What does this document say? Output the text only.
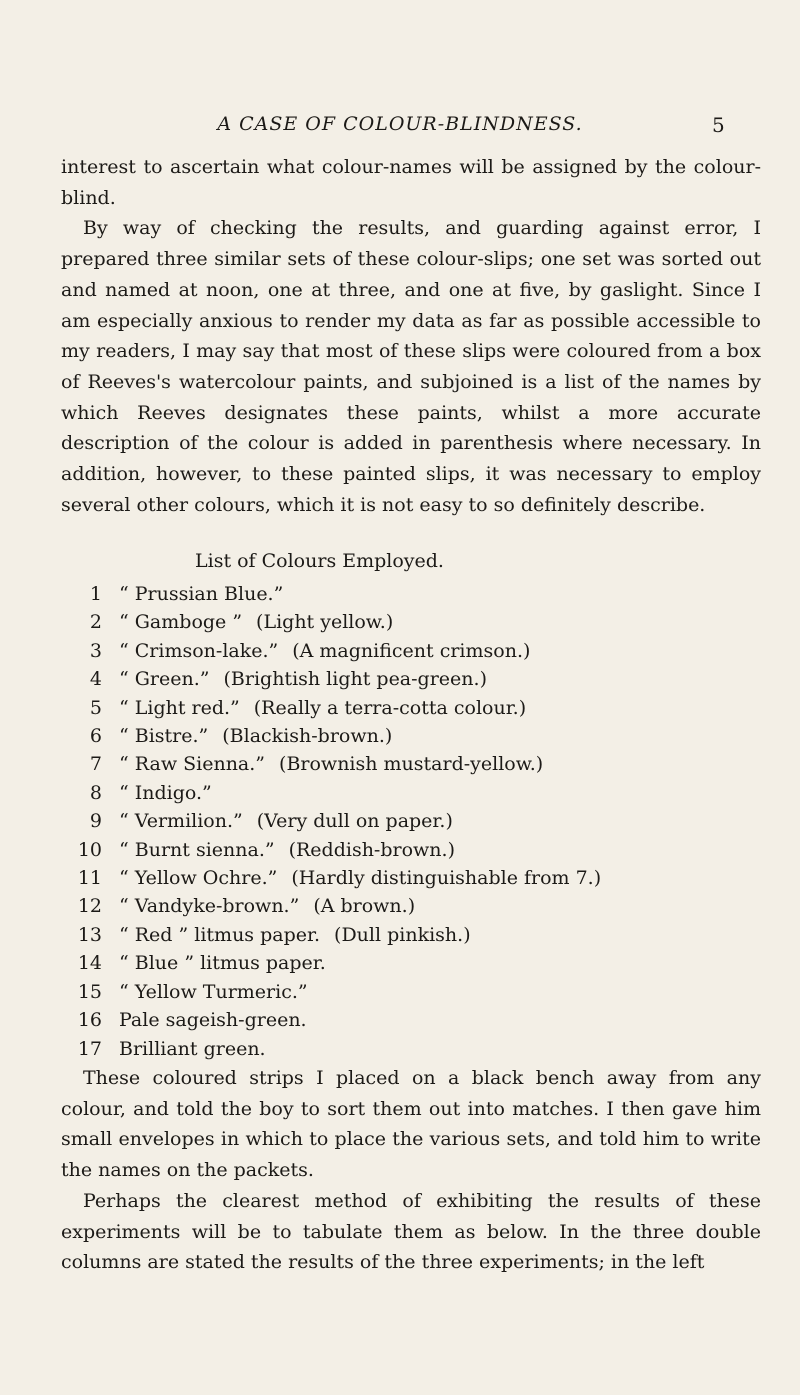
A CASE OF COLOUR-BLINDNESS.	5

interest to ascertain what colour-names will be assigned by the colour-blind.

By way of checking the results, and guarding against error, I prepared three similar sets of these colour-slips; one set was sorted out and named at noon, one at three, and one at five, by gaslight. Since I am especially anxious to render my data as far as possible accessible to my readers, I may say that most of these slips were coloured from a box of Reeves's watercolour paints, and subjoined is a list of the names by which Reeves designates these paints, whilst a more accurate description of the colour is added in parenthesis where necessary. In addition, however, to these painted slips, it was necessary to employ several other colours, which it is not easy to so definitely describe.

List of Colours Employed.
1 “ Prussian Blue.”
2 “ Gamboge ” (Light yellow.)
3 “ Crimson-lake.” (A magnificent crimson.)
4 “ Green.” (Brightish light pea-green.)
5 “ Light red.” (Really a terra-cotta colour.)
6 “ Bistre.” (Blackish-brown.)
7 “ Raw Sienna.” (Brownish mustard-yellow.)
8 “ Indigo.”
9 “ Vermilion.” (Very dull on paper.)
10 “ Burnt sienna.” (Reddish-brown.)
11 “ Yellow Ochre.” (Hardly distinguishable from 7.)
12 “ Vandyke-brown.” (A brown.)
13 “ Red ” litmus paper. (Dull pinkish.)
14 “ Blue ” litmus paper.
15 “ Yellow Turmeric.”
16 Pale sageish-green.
17 Brilliant green.

These coloured strips I placed on a black bench away from any colour, and told the boy to sort them out into matches. I then gave him small envelopes in which to place the various sets, and told him to write the names on the packets.

Perhaps the clearest method of exhibiting the results of these experiments will be to tabulate them as below. In the three double columns are stated the results of the three experiments; in the left
